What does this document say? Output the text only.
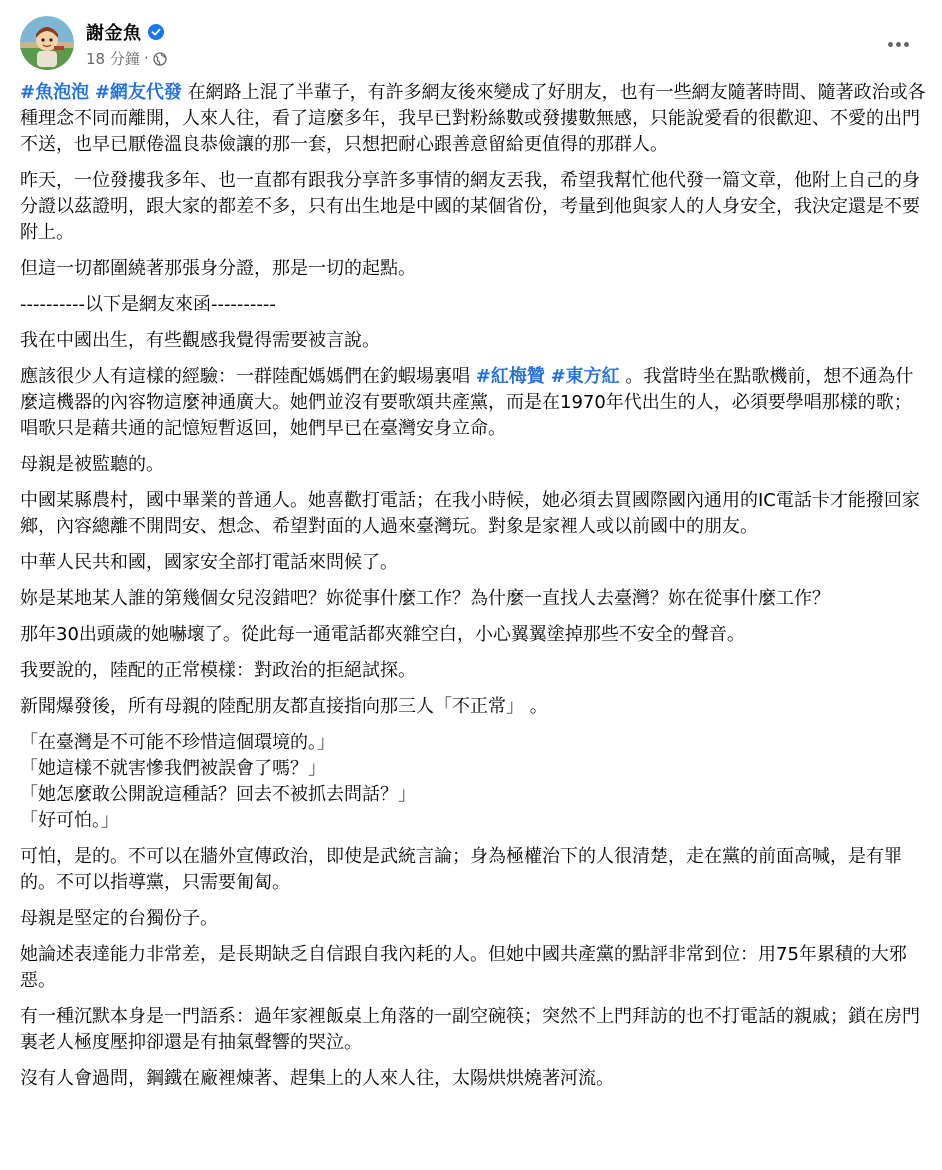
謝金魚
18 分鐘 ·

#魚泡泡 #網友代發 在網路上混了半輩子，有許多網友後來變成了好朋友，也有一些網友隨著時間、隨著政治或各種理念不同而離開，人來人往，看了這麼多年，我早已對粉絲數或發摟數無感，只能說愛看的很歡迎、不愛的出門不送，也早已厭倦溫良恭儉讓的那一套，只想把耐心跟善意留給更值得的那群人。

昨天，一位發摟我多年、也一直都有跟我分享許多事情的網友丟我，希望我幫忙他代發一篇文章，他附上自己的身分證以茲證明，跟大家的都差不多，只有出生地是中國的某個省份，考量到他與家人的人身安全，我決定還是不要附上。

但這一切都圍繞著那張身分證，那是一切的起點。

----------以下是網友來函----------

我在中國出生，有些觀感我覺得需要被言說。

應該很少人有這樣的經驗：一群陸配媽媽們在釣蝦場裏唱 #紅梅贊 #東方紅 。我當時坐在點歌機前，想不通為什麼這機器的內容物這麼神通廣大。她們並沒有要歌頌共產黨，而是在1970年代出生的人，必須要學唱那樣的歌；唱歌只是藉共通的記憶短暫返回，她們早已在臺灣安身立命。

母親是被監聽的。

中國某縣農村，國中畢業的普通人。她喜歡打電話；在我小時候，她必須去買國際國內通用的IC電話卡才能撥回家鄉，內容總離不開問安、想念、希望對面的人過來臺灣玩。對象是家裡人或以前國中的朋友。

中華人民共和國，國家安全部打電話來問候了。

妳是某地某人誰的第幾個女兒沒錯吧？妳從事什麼工作？為什麼一直找人去臺灣？妳在從事什麼工作？

那年30出頭歲的她嚇壞了。從此每一通電話都夾雜空白，小心翼翼塗掉那些不安全的聲音。

我要說的，陸配的正常模樣：對政治的拒絕試探。

新聞爆發後，所有母親的陸配朋友都直接指向那三人「不正常」 。

「在臺灣是不可能不珍惜這個環境的。」

「她這樣不就害慘我們被誤會了嗎？」

「她怎麼敢公開說這種話？回去不被抓去問話？」

「好可怕。」

可怕，是的。不可以在牆外宣傳政治，即使是武統言論；身為極權治下的人很清楚，走在黨的前面高喊，是有罪的。不可以指導黨，只需要匍匐。

母親是堅定的台獨份子。

她論述表達能力非常差，是長期缺乏自信跟自我內耗的人。但她中國共產黨的點評非常到位：用75年累積的大邪惡。

有一種沉默本身是一門語系：過年家裡飯桌上角落的一副空碗筷；突然不上門拜訪的也不打電話的親戚；鎖在房門裏老人極度壓抑卻還是有抽氣聲響的哭泣。

沒有人會過問，鋼鐵在廠裡煉著、趕集上的人來人往，太陽烘烘燒著河流。
